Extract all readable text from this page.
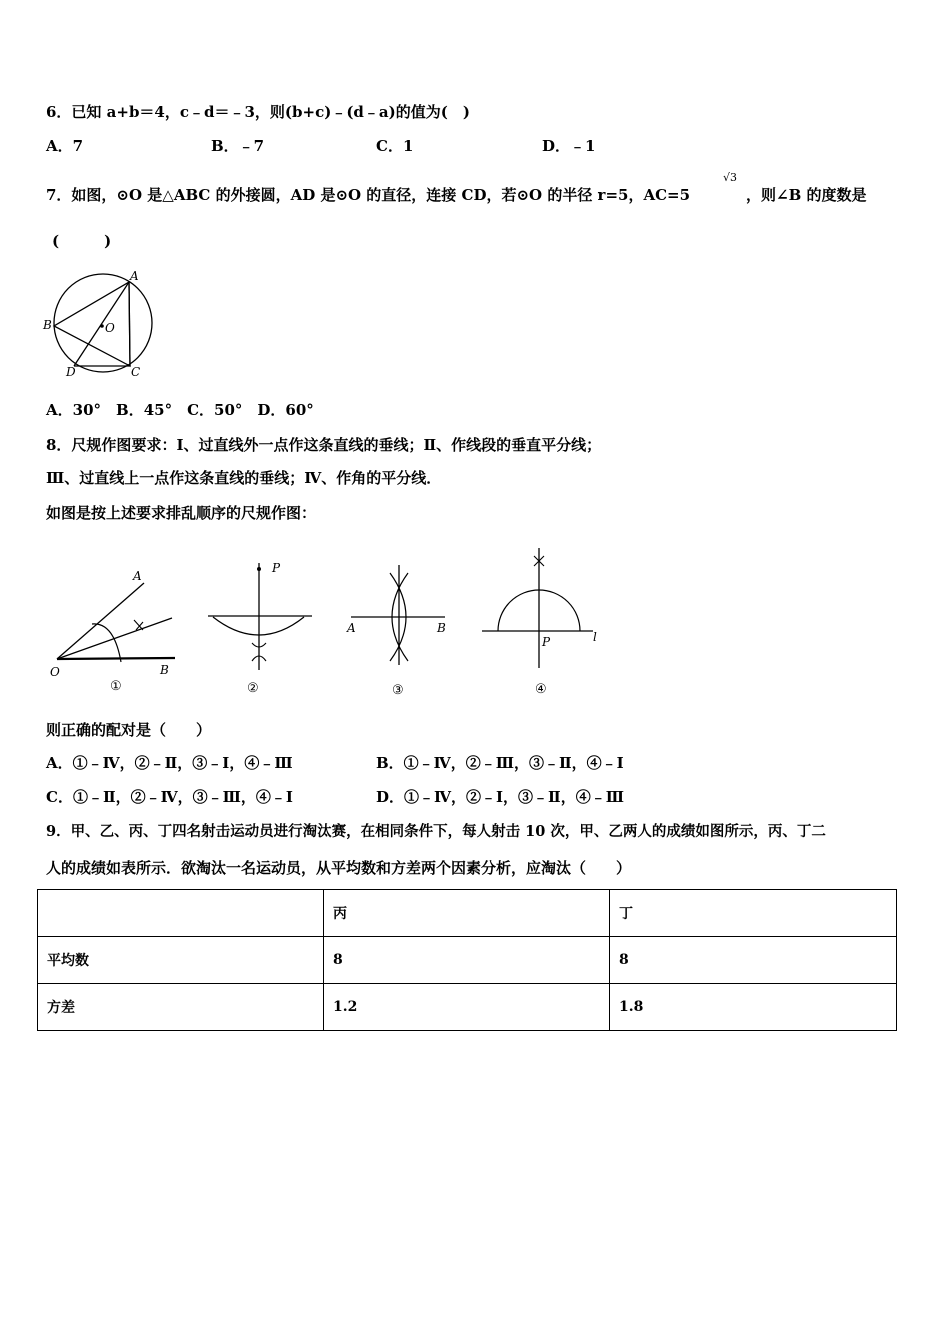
6．已知 a+b＝4，c﹣d＝﹣3，则(b+c)﹣(d﹣a)的值为(　)
A．7	B．﹣7	C．1	D．﹣1
7．如图，⊙O 是△ABC 的外接圆，AD 是⊙O 的直径，连接 CD，若⊙O 的半径 r=5，AC=5
√3
，则∠B 的度数是
(　　　)
A
B
C
D
O
A．30°　B．45°　C．50°　D．60°
8．尺规作图要求：Ⅰ、过直线外一点作这条直线的垂线；Ⅱ、作线段的垂直平分线；
Ⅲ、过直线上一点作这条直线的垂线；Ⅳ、作角的平分线．
如图是按上述要求排乱顺序的尺规作图：
A
O	B
①
P
②
A	B
③
P	l
④
则正确的配对是（　　）
A．①﹣Ⅳ，②﹣Ⅱ，③﹣Ⅰ，④﹣Ⅲ	B．①﹣Ⅳ，②﹣Ⅲ，③﹣Ⅱ，④﹣Ⅰ
C．①﹣Ⅱ，②﹣Ⅳ，③﹣Ⅲ，④﹣Ⅰ	D．①﹣Ⅳ，②﹣Ⅰ，③﹣Ⅱ，④﹣Ⅲ
9．甲、乙、丙、丁四名射击运动员进行淘汰赛，在相同条件下，每人射击 10 次，甲、乙两人的成绩如图所示，丙、丁二
人的成绩如表所示．欲淘汰一名运动员，从平均数和方差两个因素分析，应淘汰（　　）
	丙	丁
平均数	8	8
方差	1.2	1.8
